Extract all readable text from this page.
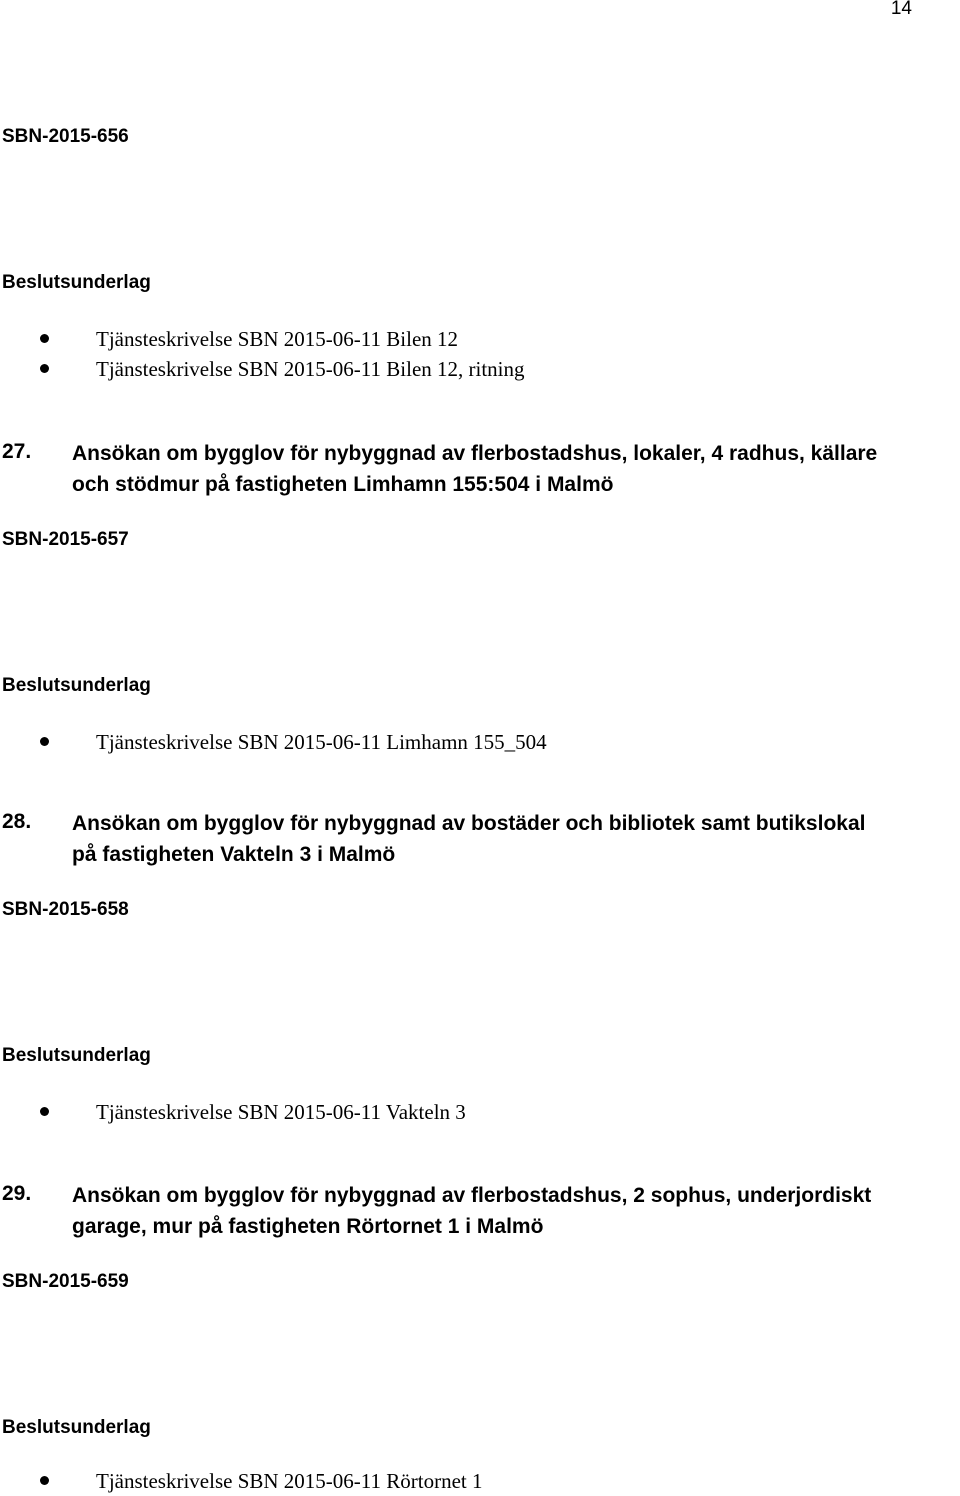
14
SBN-2015-656
Beslutsunderlag
Tjänsteskrivelse SBN 2015-06-11 Bilen 12
Tjänsteskrivelse SBN 2015-06-11 Bilen 12, ritning
27. Ansökan om bygglov för nybyggnad av flerbostadshus, lokaler, 4 radhus, källare
och stödmur på fastigheten Limhamn 155:504 i Malmö
SBN-2015-657
Beslutsunderlag
Tjänsteskrivelse SBN 2015-06-11 Limhamn 155_504
28. Ansökan om bygglov för nybyggnad av bostäder och bibliotek samt butikslokal
på fastigheten Vakteln 3 i Malmö
SBN-2015-658
Beslutsunderlag
Tjänsteskrivelse SBN 2015-06-11 Vakteln 3
29. Ansökan om bygglov för nybyggnad av flerbostadshus, 2 sophus, underjordiskt
garage, mur på fastigheten Rörtornet 1 i Malmö
SBN-2015-659
Beslutsunderlag
Tjänsteskrivelse SBN 2015-06-11 Rörtornet 1
